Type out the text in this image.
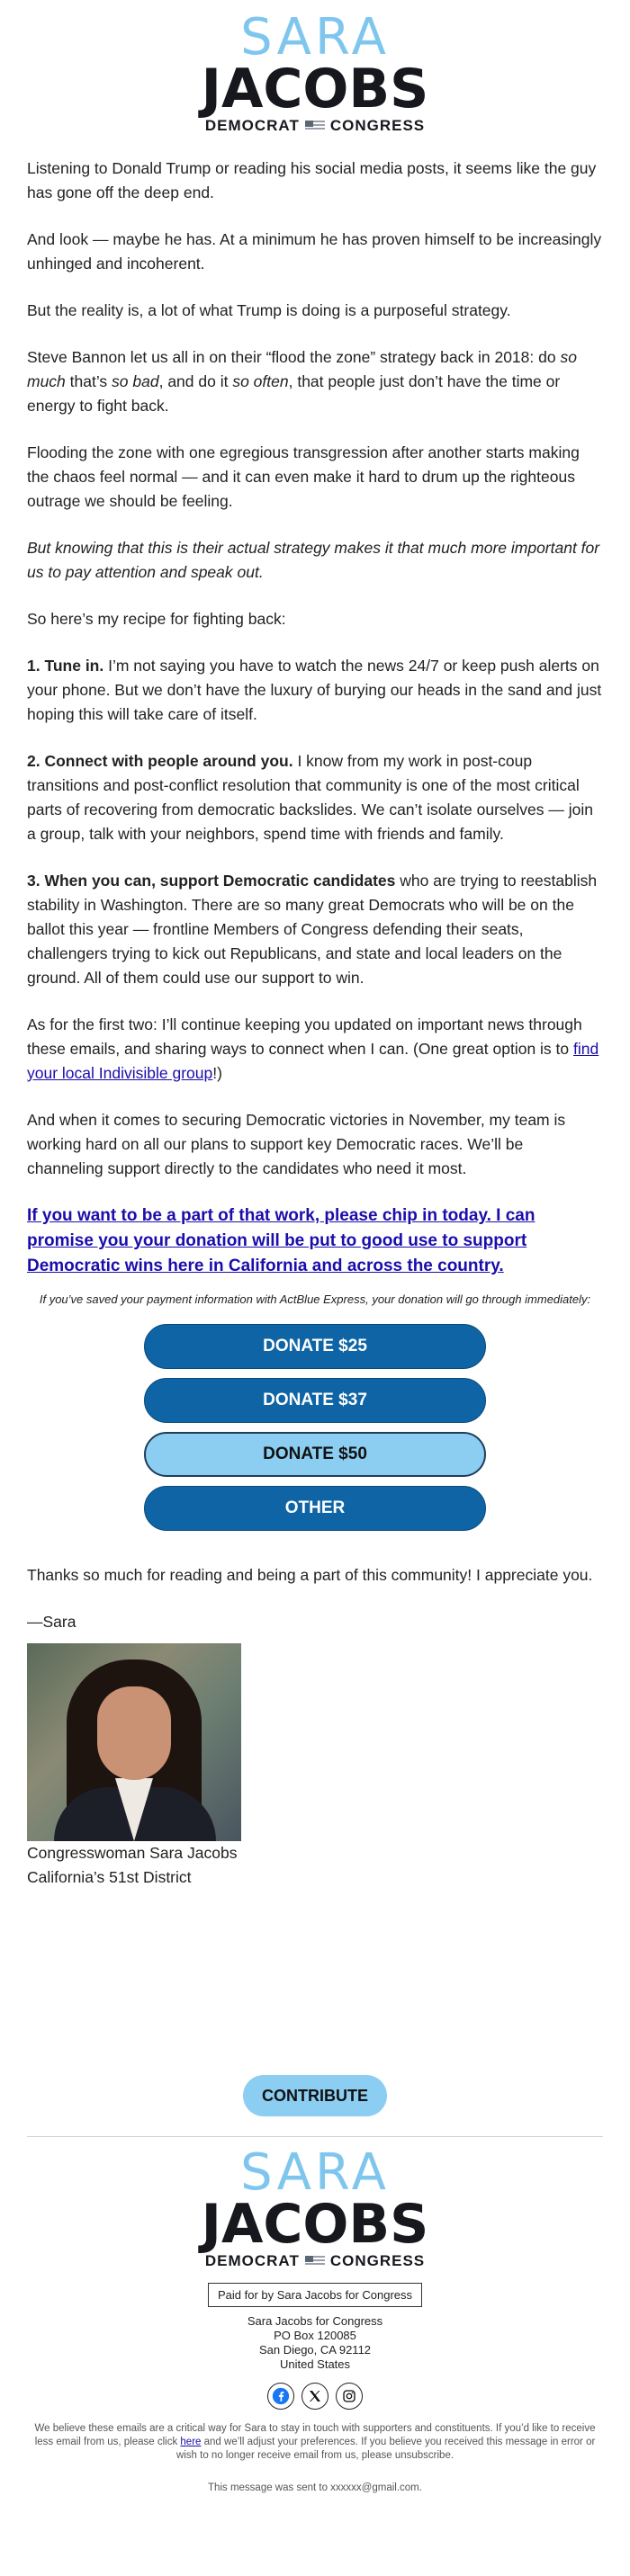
SARA
JACOBS
DEMOCRAT CONGRESS

Listening to Donald Trump or reading his social media posts, it seems like the guy has gone off the deep end.

And look — maybe he has. At a minimum he has proven himself to be increasingly unhinged and incoherent.

But the reality is, a lot of what Trump is doing is a purposeful strategy.

Steve Bannon let us all in on their “flood the zone” strategy back in 2018: do so much that’s so bad, and do it so often, that people just don’t have the time or energy to fight back.

Flooding the zone with one egregious transgression after another starts making the chaos feel normal — and it can even make it hard to drum up the righteous outrage we should be feeling.

But knowing that this is their actual strategy makes it that much more important for us to pay attention and speak out.

So here’s my recipe for fighting back:

1. Tune in. I’m not saying you have to watch the news 24/7 or keep push alerts on your phone. But we don’t have the luxury of burying our heads in the sand and just hoping this will take care of itself.

2. Connect with people around you. I know from my work in post-coup transitions and post-conflict resolution that community is one of the most critical parts of recovering from democratic backslides. We can’t isolate ourselves — join a group, talk with your neighbors, spend time with friends and family.

3. When you can, support Democratic candidates who are trying to reestablish stability in Washington. There are so many great Democrats who will be on the ballot this year — frontline Members of Congress defending their seats, challengers trying to kick out Republicans, and state and local leaders on the ground. All of them could use our support to win.

As for the first two: I’ll continue keeping you updated on important news through these emails, and sharing ways to connect when I can. (One great option is to find your local Indivisible group!)

And when it comes to securing Democratic victories in November, my team is working hard on all our plans to support key Democratic races. We’ll be channeling support directly to the candidates who need it most.

If you want to be a part of that work, please chip in today. I can promise you your donation will be put to good use to support Democratic wins here in California and across the country.
If you’ve saved your payment information with ActBlue Express, your donation will go through immediately:
DONATE $25
DONATE $37
DONATE $50
OTHER

Thanks so much for reading and being a part of this community! I appreciate you.

—Sara

Congresswoman Sara Jacobs
California’s 51st District
CONTRIBUTE
SARA
JACOBS
DEMOCRAT CONGRESS
Paid for by Sara Jacobs for Congress
Sara Jacobs for Congress
PO Box 120085
San Diego, CA 92112
United States
We believe these emails are a critical way for Sara to stay in touch with supporters and constituents. If you’d like to receive less email from us, please click here and we’ll adjust your preferences. If you believe you received this message in error or wish to no longer receive email from us, please unsubscribe.
This message was sent to xxxxxx@gmail.com.
